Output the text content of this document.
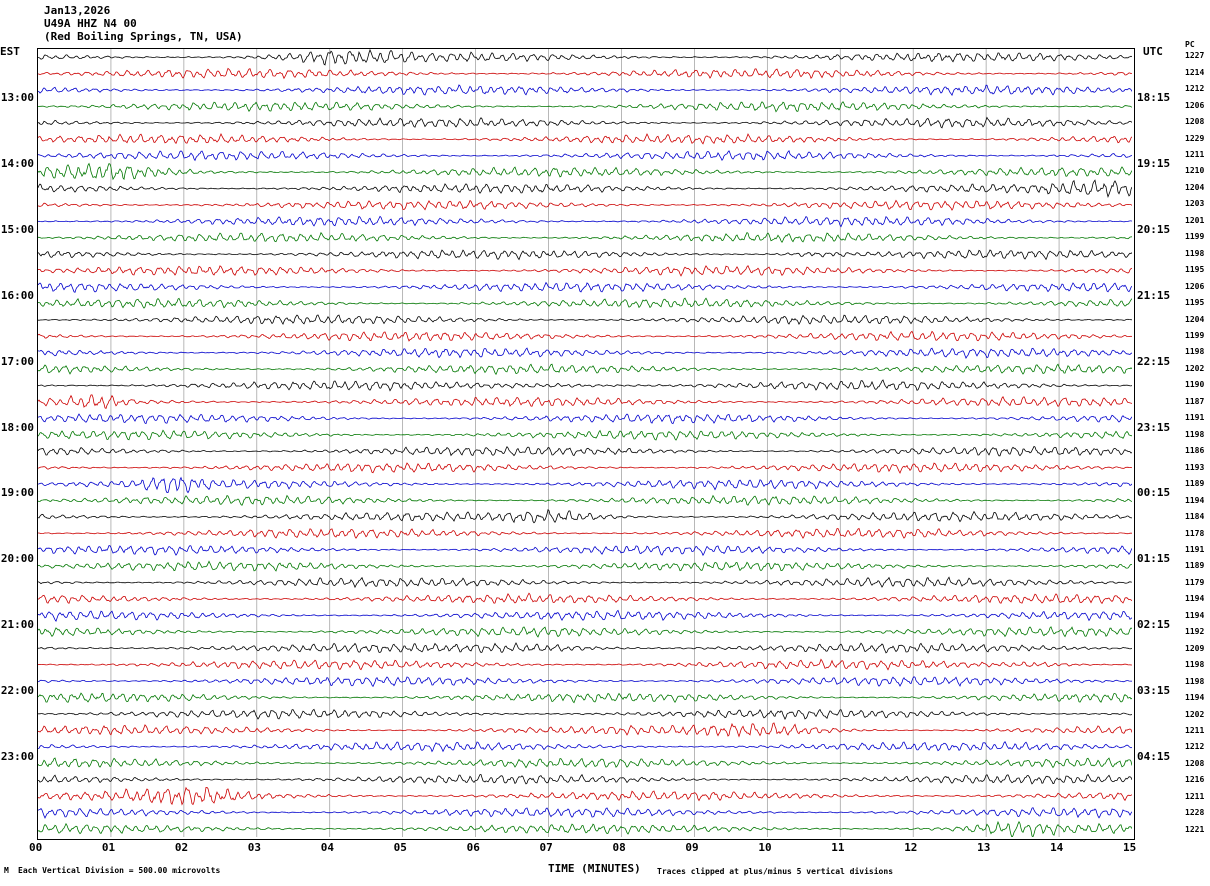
Jan13,2026
U49A HHZ N4 00
(Red Boiling Springs, TN, USA)
EST	UTC
PC
13:00	18:15
14:00	19:15
15:00	20:15
16:00	21:15
17:00	22:15
18:00	23:15
19:00	00:15
20:00	01:15
21:00	02:15
22:00	03:15
23:00	04:15
1227
1214
1212
1206
1208
1229
1211
1210
1204
1203
1201
1199
1198
1195
1206
1195
1204
1199
1198
1202
1190
1187
1191
1198
1186
1193
1189
1194
1184
1178
1191
1189
1179
1194
1194
1192
1209
1198
1198
1194
1202
1211
1212
1208
1216
1211
1228
1221
00	01	02	03	04	05	06	07	08	09	10	11	12	13	14	15
TIME (MINUTES)
M Each Vertical Division = 500.00 microvolts	Traces clipped at plus/minus 5 vertical divisions
